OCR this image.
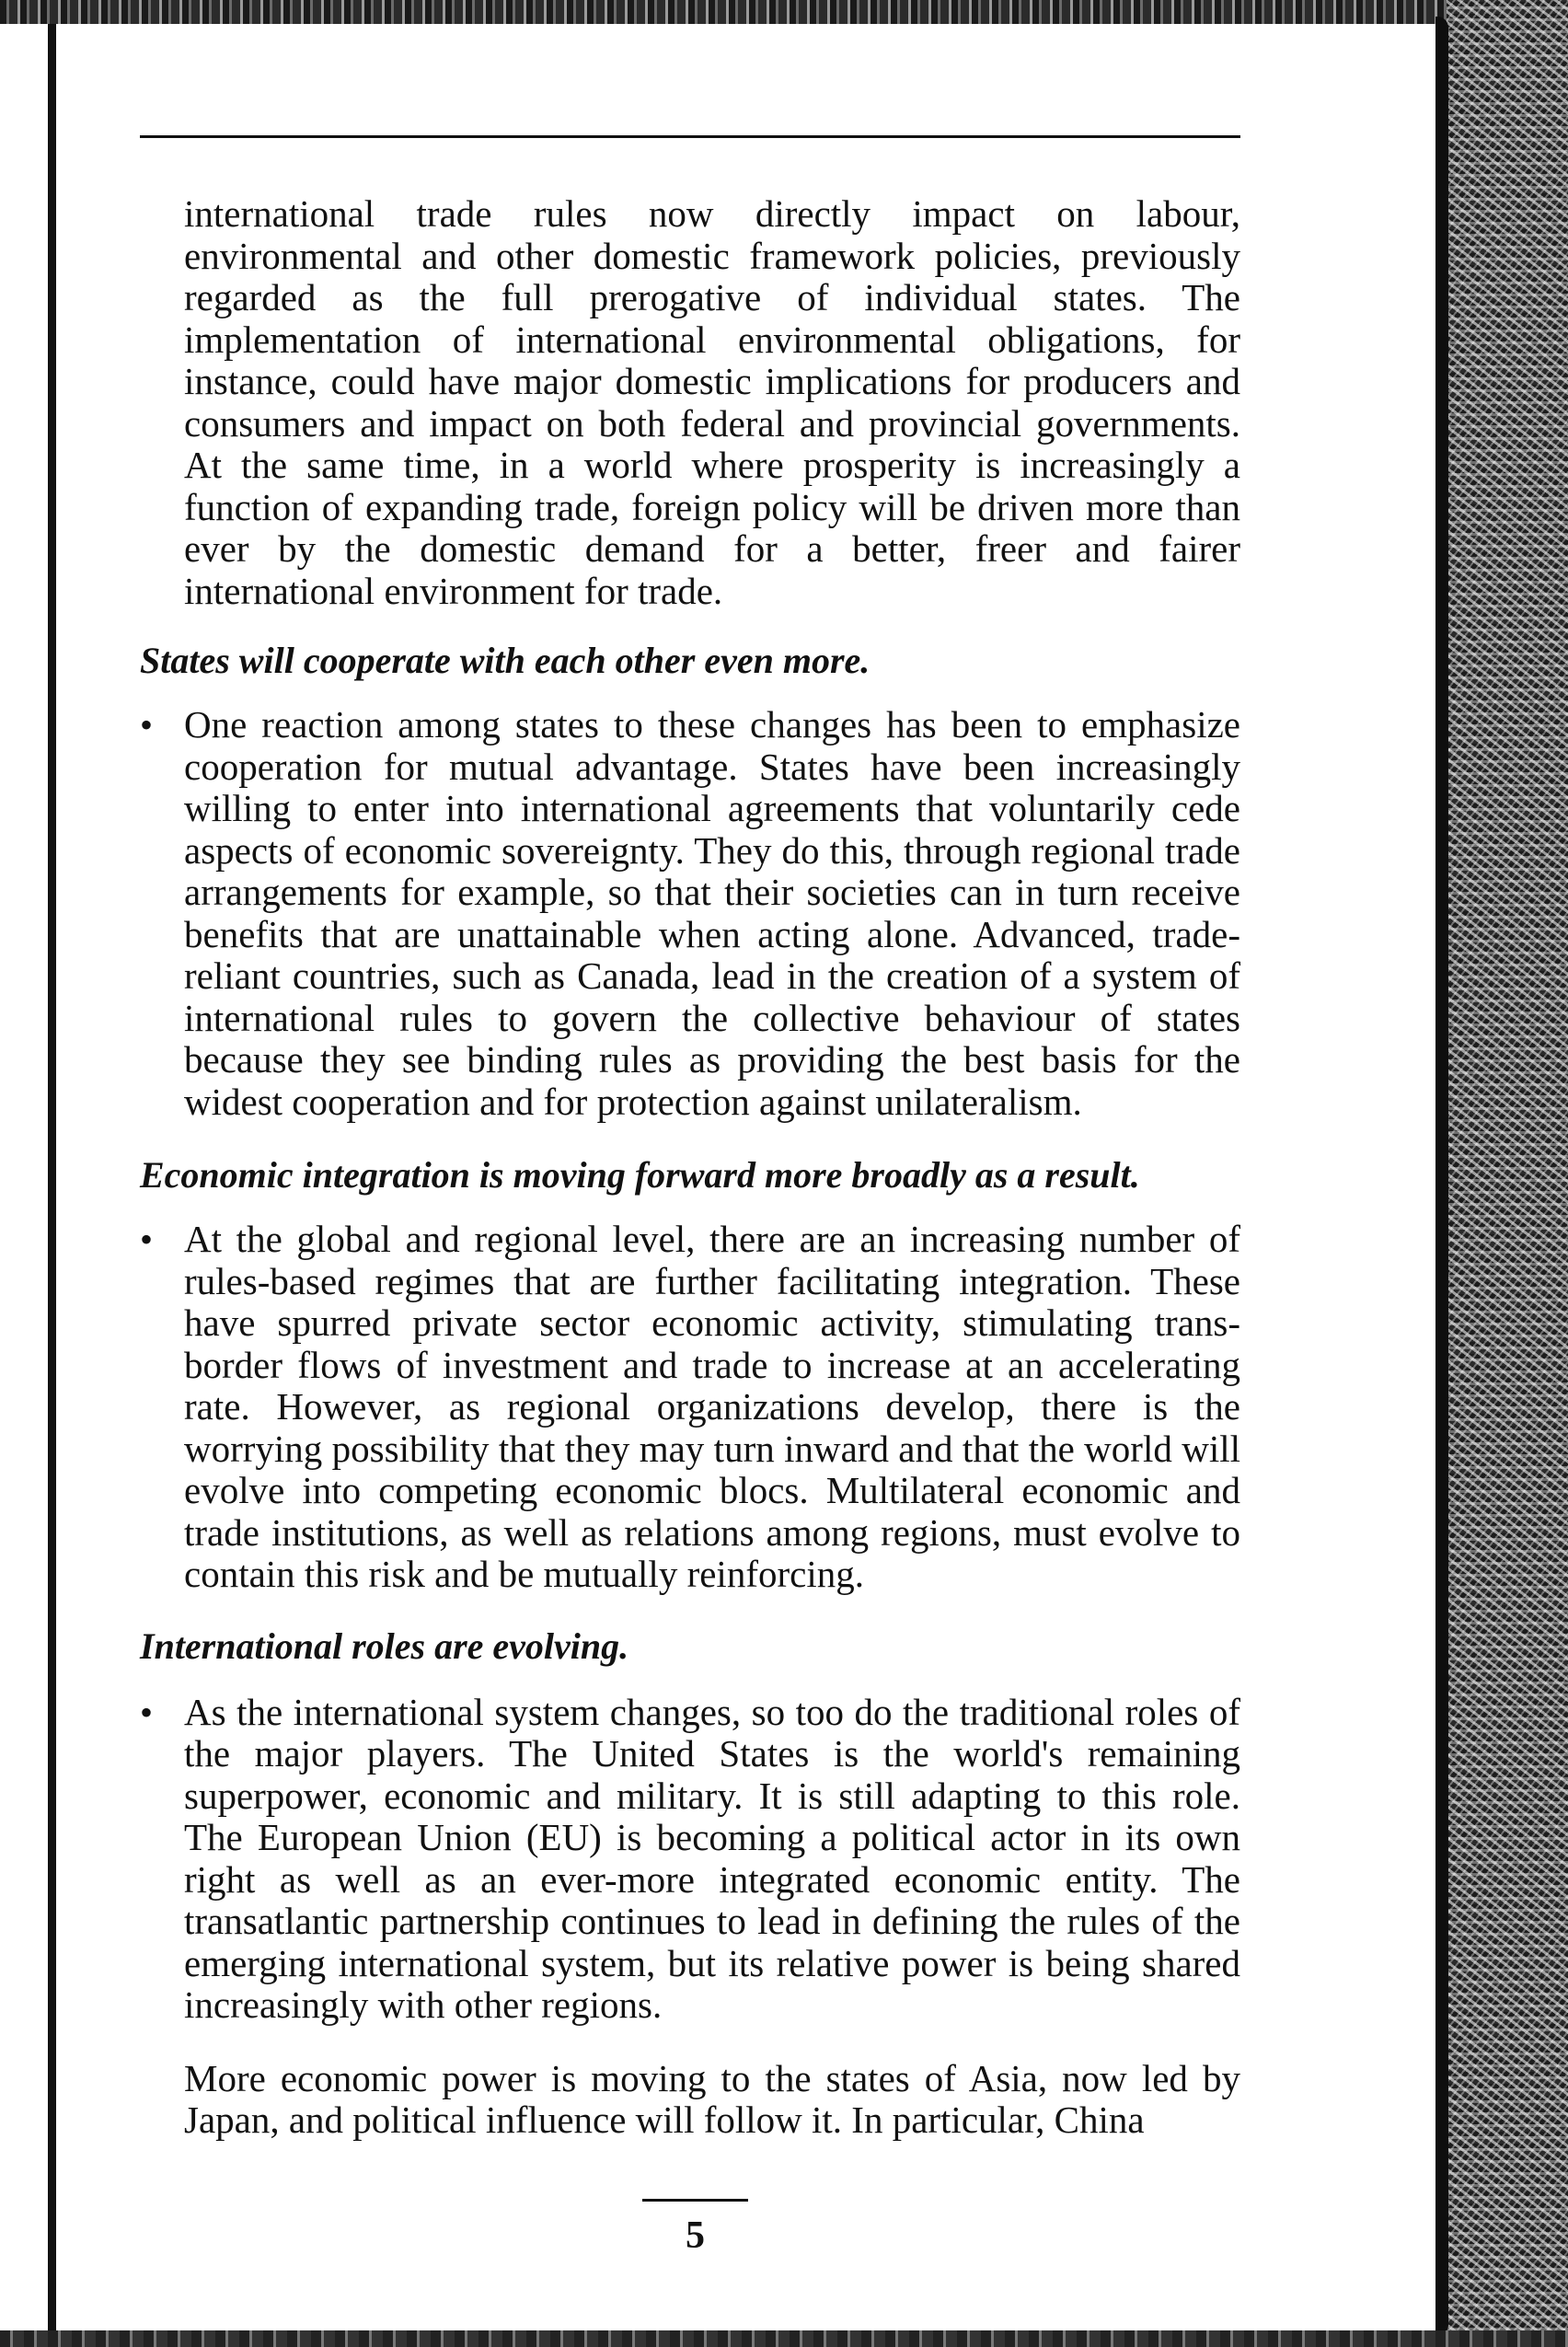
international trade rules now directly impact on labour, environmental and other domestic framework policies, previously regarded as the full prerogative of individual states. The implementation of international environmental obligations, for instance, could have major domestic implications for producers and consumers and impact on both federal and provincial governments. At the same time, in a world where prosperity is increasingly a function of expanding trade, foreign policy will be driven more than ever by the domestic demand for a better, freer and fairer international environment for trade.

States will cooperate with each other even more.
• One reaction among states to these changes has been to emphasize cooperation for mutual advantage. States have been increasingly willing to enter into international agreements that voluntarily cede aspects of economic sovereignty. They do this, through regional trade arrangements for example, so that their societies can in turn receive benefits that are unattainable when acting alone. Advanced, trade-reliant countries, such as Canada, lead in the creation of a system of international rules to govern the collective behaviour of states because they see binding rules as providing the best basis for the widest cooperation and for protection against unilateralism.

Economic integration is moving forward more broadly as a result.
• At the global and regional level, there are an increasing number of rules-based regimes that are further facilitating integration. These have spurred private sector economic activity, stimulating trans-border flows of investment and trade to increase at an accelerating rate. However, as regional organizations develop, there is the worrying possibility that they may turn inward and that the world will evolve into competing economic blocs. Multilateral economic and trade institutions, as well as relations among regions, must evolve to contain this risk and be mutually reinforcing.

International roles are evolving.
• As the international system changes, so too do the traditional roles of the major players. The United States is the world's remaining superpower, economic and military. It is still adapting to this role. The European Union (EU) is becoming a political actor in its own right as well as an ever-more integrated economic entity. The transatlantic partnership continues to lead in defining the rules of the emerging international system, but its relative power is being shared increasingly with other regions.

More economic power is moving to the states of Asia, now led by Japan, and political influence will follow it. In particular, China

5
